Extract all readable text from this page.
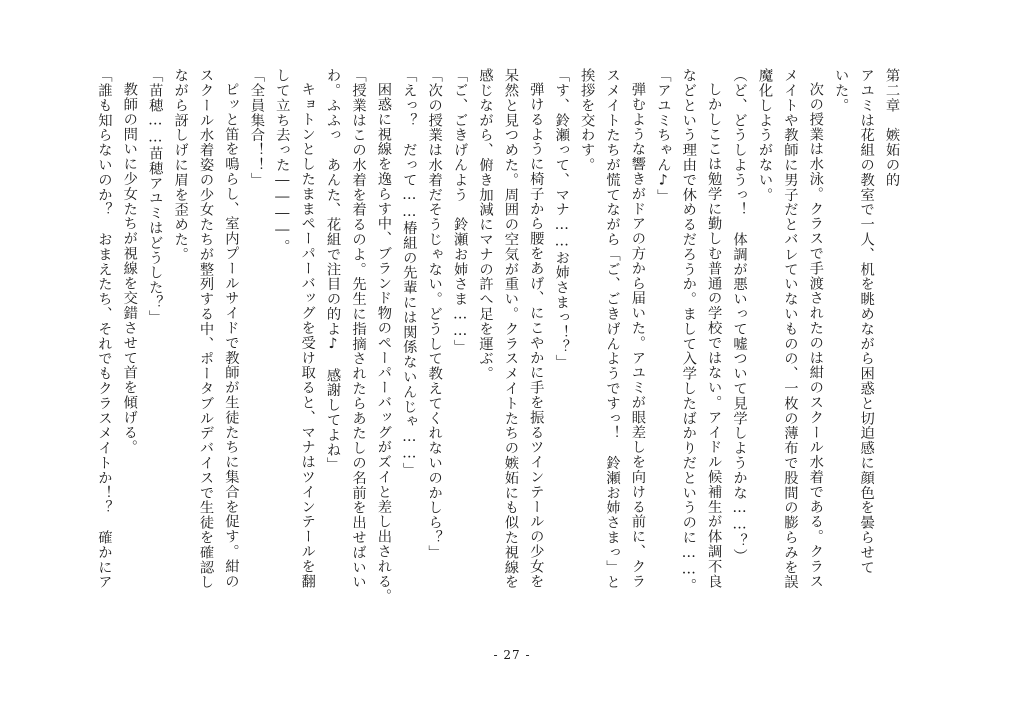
第二章　嫉妬の的
アユミは花組の教室で一人、机を眺めながら困惑と切迫感に顔色を曇らせて
いた。
次の授業は水泳。クラスで手渡されたのは紺のスクール水着である。クラス
メイトや教師に男子だとバレていないものの、一枚の薄布で股間の膨らみを誤
魔化しようがない。
（ど、どうしようっ！　体調が悪いって嘘ついて見学しようかな……？）
しかしここは勉学に勤しむ普通の学校ではない。アイドル候補生が体調不良
などという理由で休めるだろうか。まして入学したばかりだというのに……。
「アユミちゃん♪」
弾むような響きがドアの方から届いた。アユミが眼差しを向ける前に、クラ
スメイトたちが慌てながら「ご、ごきげんようですっ！　鈴瀬お姉さまっ」と
挨拶を交わす。
「す、鈴瀬って、マナ……お姉さまっ！？」
弾けるように椅子から腰をあげ、にこやかに手を振るツインテールの少女を
呆然と見つめた。周囲の空気が重い。クラスメイトたちの嫉妬にも似た視線を
感じながら、俯き加減にマナの許へ足を運ぶ。
「ご、ごきげんよう　鈴瀬お姉さま……」
「次の授業は水着だそうじゃない。どうして教えてくれないのかしら？」
「えっ？　だって……椿組の先輩には関係ないんじゃ……」
困惑に視線を逸らす中、ブランド物のペーパーバッグがズイと差し出される。
「授業はこの水着を着るのよ。先生に指摘されたらあたしの名前を出せばいい
わ。ふふっ　あんた、花組で注目の的よ♪　感謝してよね」
キョトンとしたままペーパーバッグを受け取ると、マナはツインテールを翻
して立ち去った――――。
「全員集合！！」
ピッと笛を鳴らし、室内プールサイドで教師が生徒たちに集合を促す。紺の
スクール水着姿の少女たちが整列する中、ポータブルデバイスで生徒を確認し
ながら訝しげに眉を歪めた。
「苗穂……苗穂アユミはどうした？」
教師の問いに少女たちが視線を交錯させて首を傾げる。
「誰も知らないのか？　おまえたち、それでもクラスメイトか！？　確かにア
- 27 -
